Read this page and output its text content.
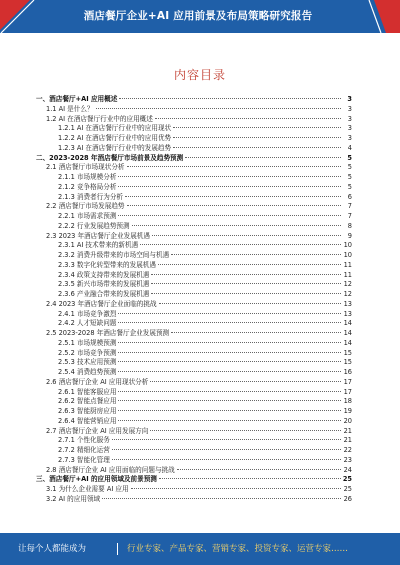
酒店餐厅企业+AI 应用前景及布局策略研究报告
内容目录
一、酒店餐厅+AI 应用概述	3
1.1 AI 是什么？	3
1.2 AI 在酒店餐厅行业中的应用概述	3
1.2.1 AI 在酒店餐厅行业中的应用现状	3
1.2.2 AI 在酒店餐厅行业中的应用优势	3
1.2.3 AI 在酒店餐厅行业中的发展趋势	4
二、2023-2028 年酒店餐厅市场前景及趋势预测	5
2.1 酒店餐厅市场现状分析	5
2.1.1 市场规模分析	5
2.1.2 竞争格局分析	5
2.1.3 消费者行为分析	6
2.2 酒店餐厅市场发展趋势	7
2.2.1 市场需求预测	7
2.2.2 行业发展趋势预测	8
2.3 2023 年酒店餐厅企业发展机遇	9
2.3.1 AI 技术带来的新机遇	10
2.3.2 消费升级带来的市场空间与机遇	10
2.3.3 数字化转型带来的发展机遇	11
2.3.4 政策支持带来的发展机遇	11
2.3.5 新兴市场带来的发展机遇	12
2.3.6 产业融合带来的发展机遇	12
2.4 2023 年酒店餐厅企业面临的挑战	13
2.4.1 市场竞争激烈	13
2.4.2 人才短缺问题	14
2.5 2023-2028 年酒店餐厅企业发展预测	14
2.5.1 市场规模预测	14
2.5.2 市场竞争预测	15
2.5.3 技术应用预测	15
2.5.4 消费趋势预测	16
2.6 酒店餐厅企业 AI 应用现状分析	17
2.6.1 智能客服应用	17
2.6.2 智能点餐应用	18
2.6.3 智能厨房应用	19
2.6.4 智能营销应用	20
2.7 酒店餐厅企业 AI 应用发展方向	21
2.7.1 个性化服务	21
2.7.2 精细化运营	22
2.7.3 智能化管理	23
2.8 酒店餐厅企业 AI 应用面临的问题与挑战	24
三、酒店餐厅+AI 的应用领域及前景预测	25
3.1 为什么企业需要 AI 应用	25
3.2 AI 的应用领域	26
让每个人都能成为	行业专家、产品专家、营销专家、投资专家、运营专家……
